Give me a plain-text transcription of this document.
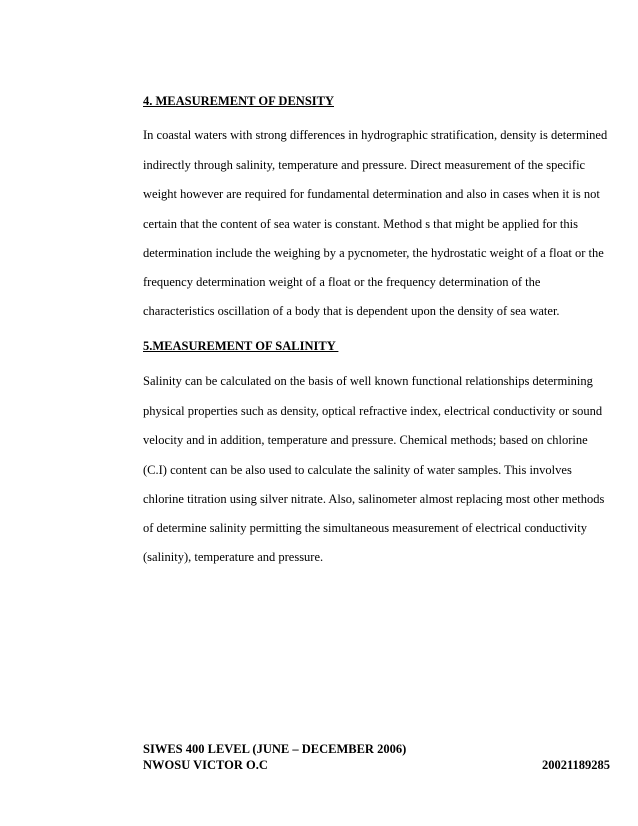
4. MEASUREMENT OF DENSITY

In coastal waters with strong differences in hydrographic stratification, density is determined

indirectly through salinity, temperature and pressure. Direct measurement of the specific

weight however are required for fundamental determination and also in cases when it is not

certain that the content of sea water is constant. Method s that might be applied for this

determination include the weighing by a pycnometer, the hydrostatic weight of a float or the

frequency determination weight of a float or the frequency determination of the

characteristics oscillation of a body that is dependent upon the density of sea water.

5.MEASUREMENT OF SALINITY

Salinity can be calculated on the basis of well known functional relationships determining

physical properties such as density, optical refractive index, electrical conductivity or sound

velocity and in addition, temperature and pressure. Chemical methods; based on chlorine

(C.I) content can be also used to calculate the salinity of water samples. This involves

chlorine titration using silver nitrate. Also, salinometer almost replacing most other methods

of determine salinity permitting the simultaneous measurement of electrical conductivity

(salinity), temperature and pressure.

SIWES 400 LEVEL (JUNE – DECEMBER 2006)

NWOSU VICTOR O.C	20021189285
